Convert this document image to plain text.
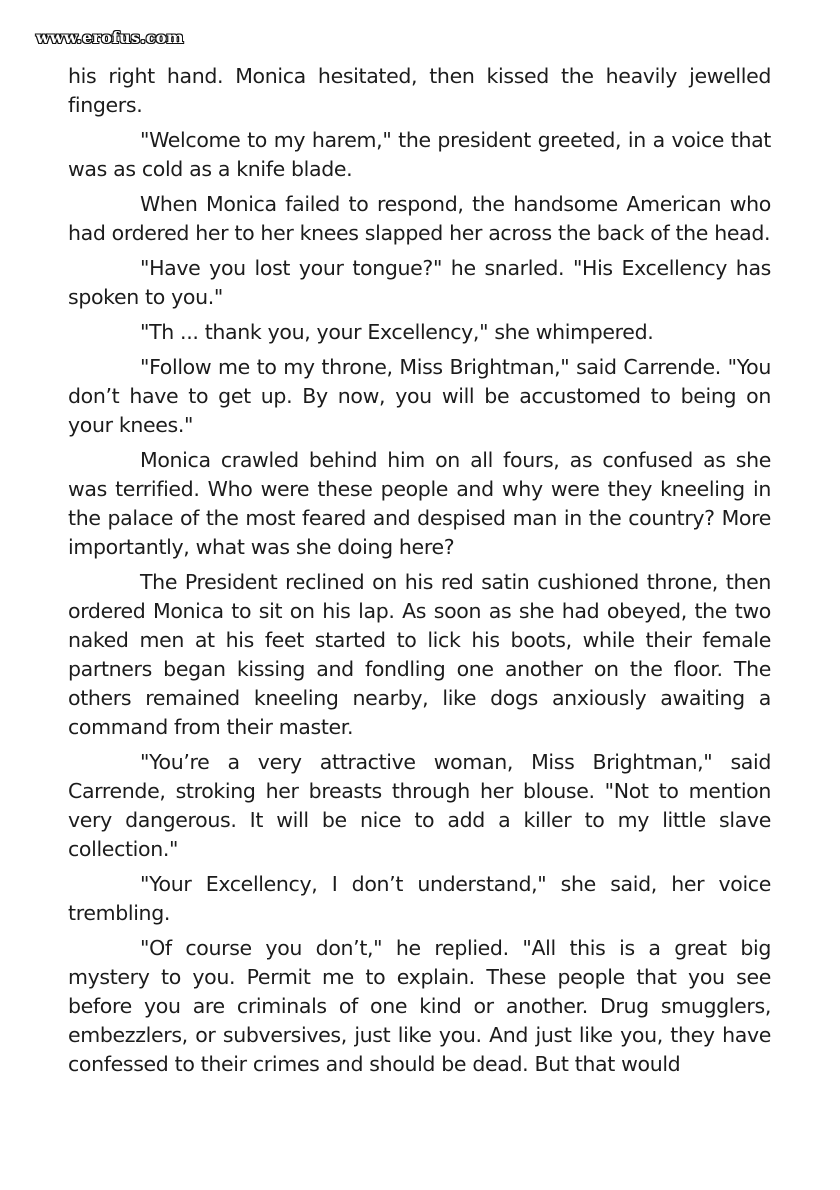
www.erofus.com

his right hand. Monica hesitated, then kissed the heavily jewelled fingers.

"Welcome to my harem," the president greeted, in a voice that was as cold as a knife blade.

When Monica failed to respond, the handsome American who had ordered her to her knees slapped her across the back of the head.

"Have you lost your tongue?" he snarled. "His Excellency has spoken to you."

"Th ... thank you, your Excellency," she whimpered.

"Follow me to my throne, Miss Brightman," said Carrende. "You don’t have to get up. By now, you will be accustomed to being on your knees."

Monica crawled behind him on all fours, as confused as she was terrified. Who were these people and why were they kneeling in the palace of the most feared and despised man in the country? More importantly, what was she doing here?

The President reclined on his red satin cushioned throne, then ordered Monica to sit on his lap. As soon as she had obeyed, the two naked men at his feet started to lick his boots, while their female partners began kissing and fondling one another on the floor. The others remained kneeling nearby, like dogs anxiously awaiting a command from their master.

"You’re a very attractive woman, Miss Brightman," said Carrende, stroking her breasts through her blouse. "Not to mention very dangerous. It will be nice to add a killer to my little slave collection."

"Your Excellency, I don’t understand," she said, her voice trembling.

"Of course you don’t," he replied. "All this is a great big mystery to you. Permit me to explain. These people that you see before you are criminals of one kind or another. Drug smugglers, embezzlers, or subversives, just like you. And just like you, they have confessed to their crimes and should be dead. But that would
